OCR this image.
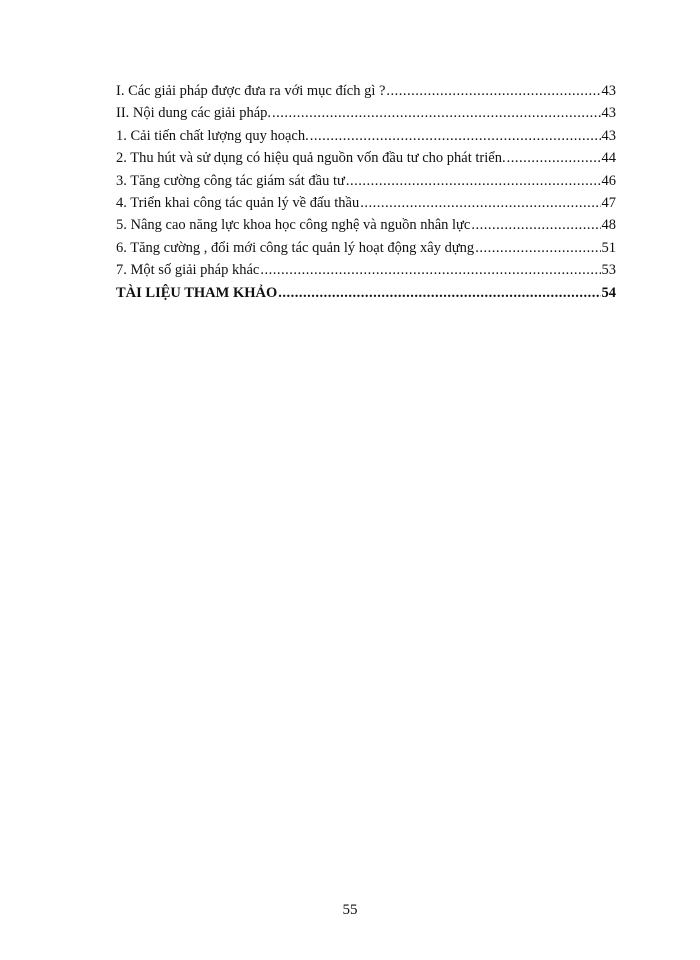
I. Các giải pháp được đưa ra với mục đích gì ? .....	43
II. Nội dung các giải pháp. .....	43
1. Cải tiến chất lượng quy hoạch. .....	43
2. Thu hút và sử dụng có hiệu quả nguồn vốn đầu tư cho phát triển. .....	44
3. Tăng cường công tác giám sát đầu tư .....	46
4. Triển khai công tác quản lý về đấu thầu .....	47
5. Nâng cao năng lực khoa học công nghệ và nguồn nhân lực .....	48
6. Tăng cường , đổi mới công tác quản lý hoạt động xây dựng .....	51
7. Một số giải pháp khác .....	53
TÀI LIỆU THAM KHẢO .....	54
55
